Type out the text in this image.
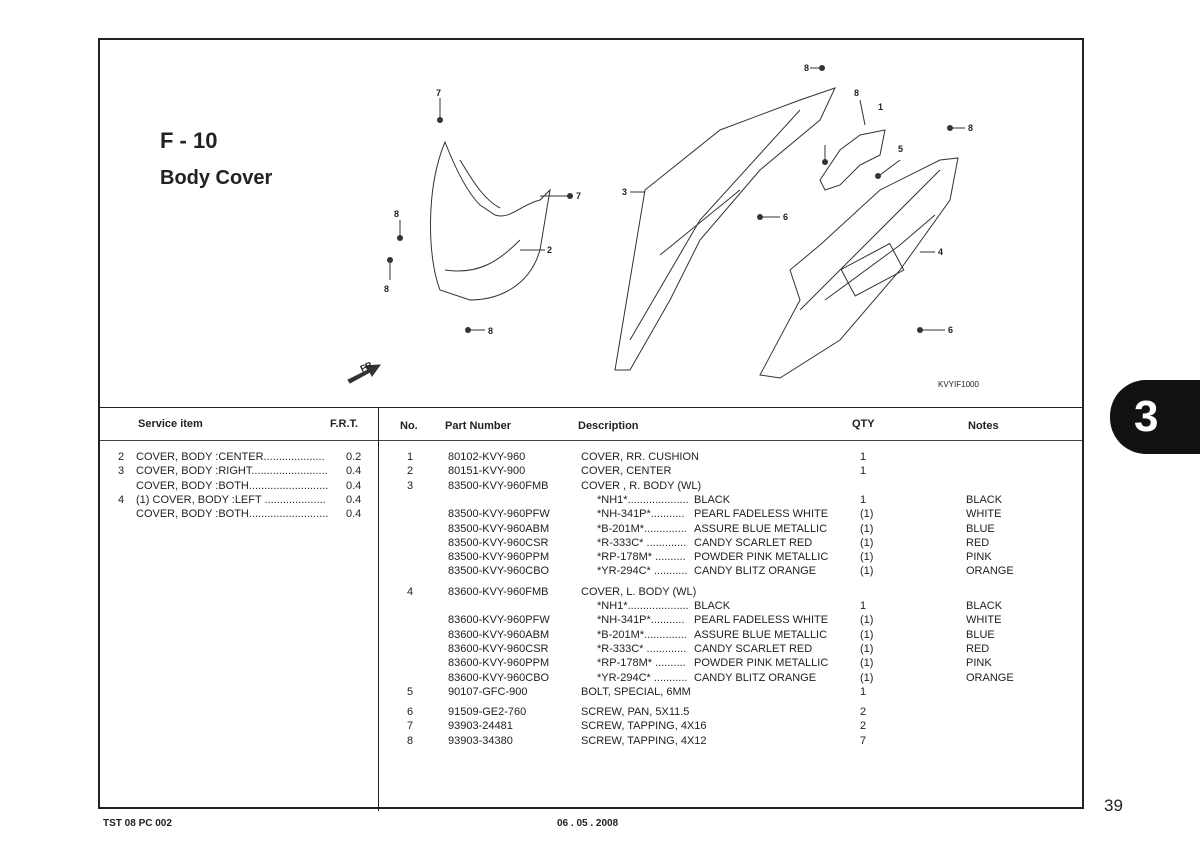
7
7
8
8
8
8
8
8
1
2
3
4
5
6
6
FR.
KVYIF1000
F - 10
Body Cover
Service item	F.R.T.	No. Part Number	Description	QTY	Notes
2 COVER, BODY :CENTER.................... 0.2
3 COVER, BODY :RIGHT......................... 0.4
COVER, BODY :BOTH.......................... 0.4
4 (1) COVER, BODY :LEFT .................... 0.4
COVER, BODY :BOTH.......................... 0.4
1	80102-KVY-960	COVER, RR. CUSHION	1
2	80151-KVY-900	COVER, CENTER	1
3	83500-KVY-960FMB	COVER , R. BODY (WL)
*NH1*.................... BLACK	1	BLACK
83500-KVY-960PFW	*NH-341P*........... PEARL FADELESS WHITE	(1)	WHITE
83500-KVY-960ABM	*B-201M*.............. ASSURE BLUE METALLIC	(1)	BLUE
83500-KVY-960CSR	*R-333C* ............. CANDY SCARLET RED	(1)	RED
83500-KVY-960PPM	*RP-178M* .......... POWDER PINK METALLIC	(1)	PINK
83500-KVY-960CBO	*YR-294C* ........... CANDY BLITZ ORANGE	(1)	ORANGE
4	83600-KVY-960FMB	COVER, L. BODY (WL)
*NH1*.................... BLACK	1	BLACK
83600-KVY-960PFW	*NH-341P*........... PEARL FADELESS WHITE	(1)	WHITE
83600-KVY-960ABM	*B-201M*.............. ASSURE BLUE METALLIC	(1)	BLUE
83600-KVY-960CSR	*R-333C* ............. CANDY SCARLET RED	(1)	RED
83600-KVY-960PPM	*RP-178M* .......... POWDER PINK METALLIC	(1)	PINK
83600-KVY-960CBO	*YR-294C* ........... CANDY BLITZ ORANGE	(1)	ORANGE
5	90107-GFC-900	BOLT, SPECIAL, 6MM	1
6	91509-GE2-760	SCREW, PAN, 5X11.5	2
7	93903-24481	SCREW, TAPPING, 4X16	2
8	93903-34380	SCREW, TAPPING, 4X12	7
TST 08 PC 002	06 . 05 . 2008
3
39
